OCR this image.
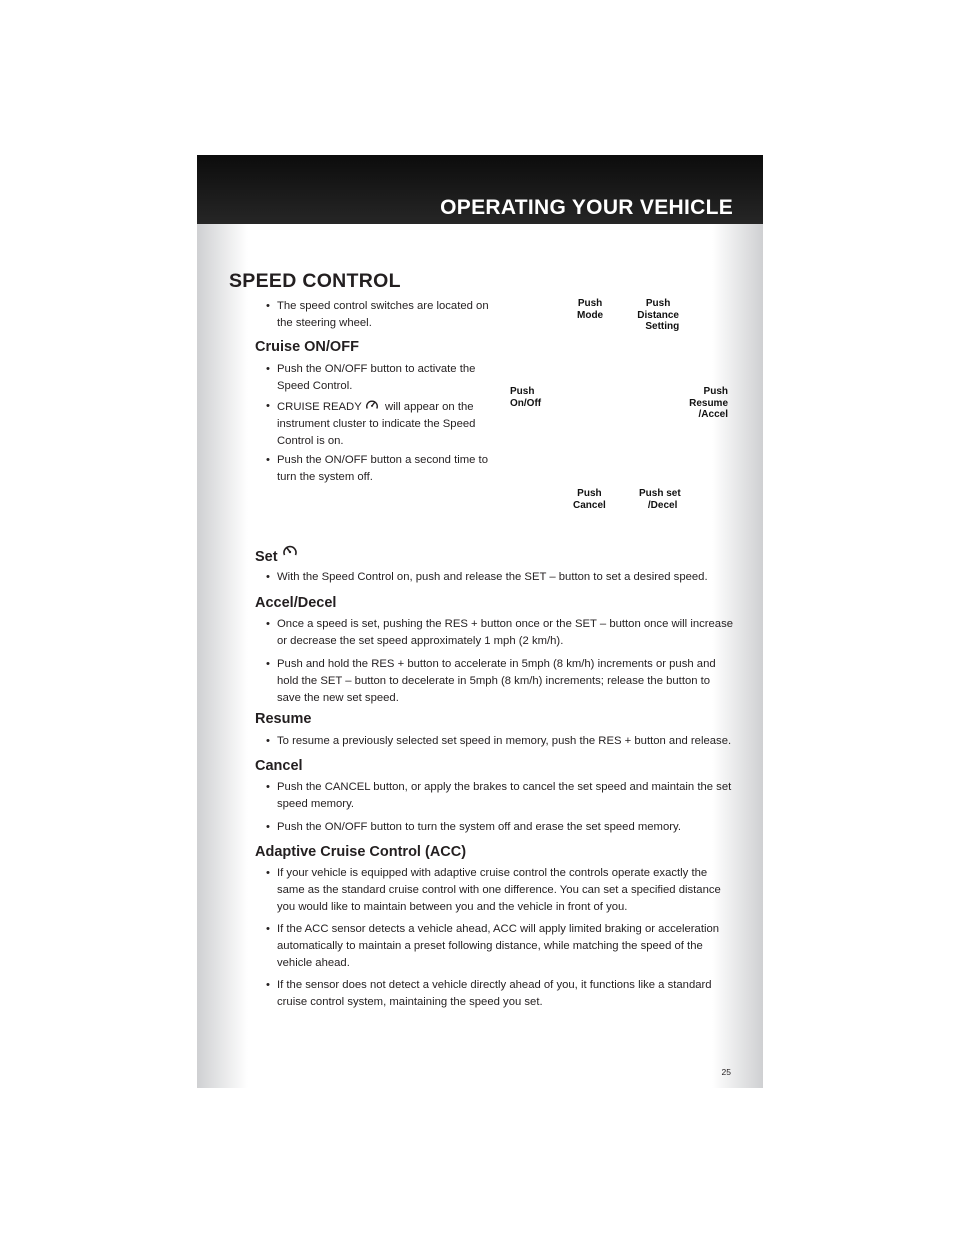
OPERATING YOUR VEHICLE
SPEED CONTROL
• The speed control switches are located on the steering wheel.
Cruise ON/OFF
• Push the ON/OFF button to activate the Speed Control.
• CRUISE READY will appear on the instrument cluster to indicate the Speed Control is on.
• Push the ON/OFF button a second time to turn the system off.
Push
Mode
Push
Distance
Setting
Push
On/Off
Push
Resume
/Accel
Push
Cancel
Push set
/Decel
Set
• With the Speed Control on, push and release the SET – button to set a desired speed.
Accel/Decel
• Once a speed is set, pushing the RES + button once or the SET – button once will increase or decrease the set speed approximately 1 mph (2 km/h).
• Push and hold the RES + button to accelerate in 5mph (8 km/h) increments or push and hold the SET – button to decelerate in 5mph (8 km/h) increments; release the button to save the new set speed.
Resume
• To resume a previously selected set speed in memory, push the RES + button and release.
Cancel
• Push the CANCEL button, or apply the brakes to cancel the set speed and maintain the set speed memory.
• Push the ON/OFF button to turn the system off and erase the set speed memory.
Adaptive Cruise Control (ACC)
• If your vehicle is equipped with adaptive cruise control the controls operate exactly the same as the standard cruise control with one difference. You can set a specified distance you would like to maintain between you and the vehicle in front of you.
• If the ACC sensor detects a vehicle ahead, ACC will apply limited braking or acceleration automatically to maintain a preset following distance, while matching the speed of the vehicle ahead.
• If the sensor does not detect a vehicle directly ahead of you, it functions like a standard cruise control system, maintaining the speed you set.
25
